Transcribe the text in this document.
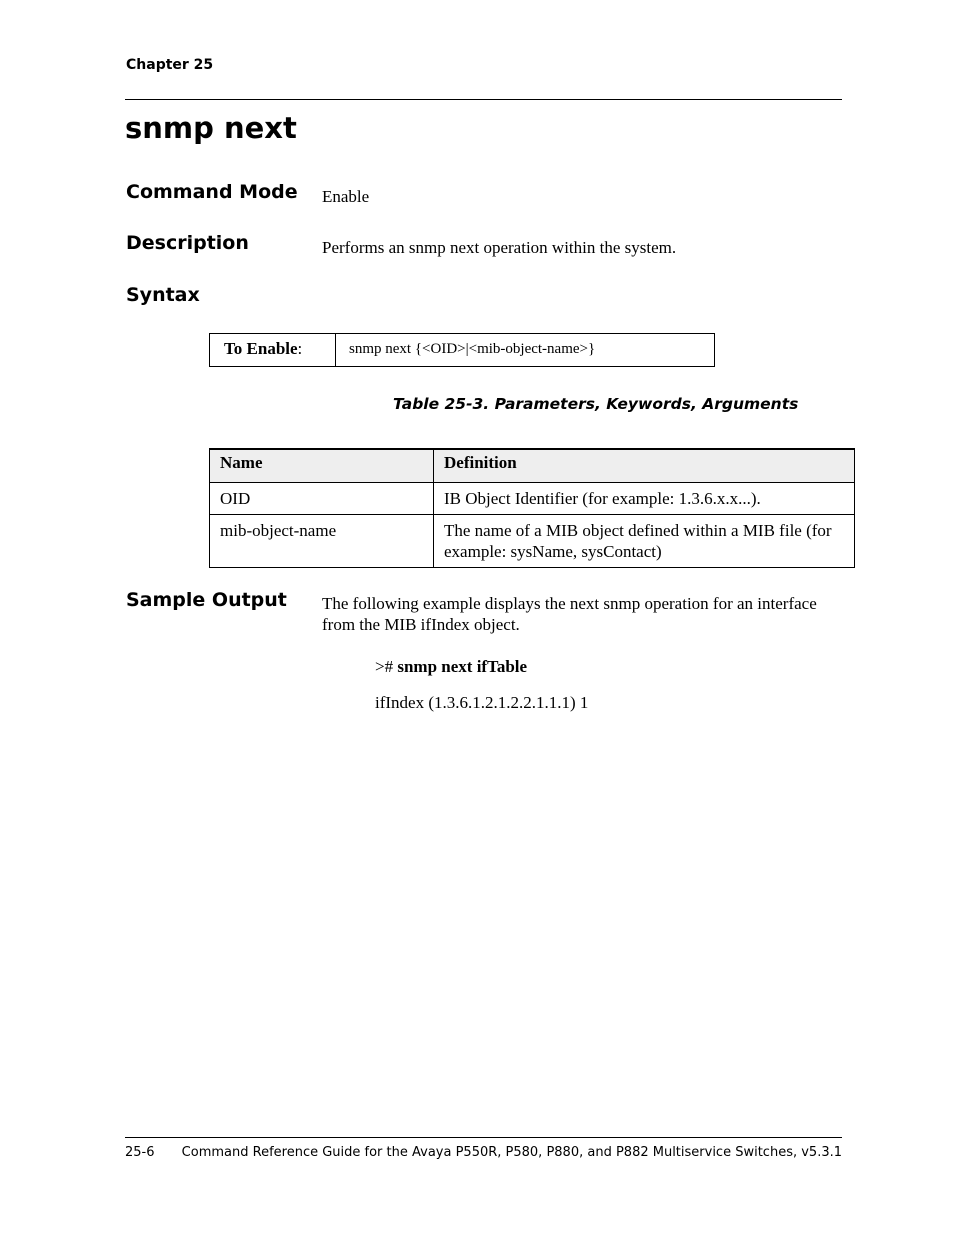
Chapter 25
snmp next
Command Mode Enable
Description	Performs an snmp next operation within the system.
Syntax
To Enable:	snmp next {<OID>|<mib-object-name>}
Table 25-3. Parameters, Keywords, Arguments
Name	Definition
OID	IB Object Identifier (for example: 1.3.6.x.x...).
mib-object-name	The name of a MIB object defined within a MIB file (for example: sysName, sysContact)
Sample Output The following example displays the next snmp operation for an interface from the MIB ifIndex object.
># snmp next ifTable
ifIndex (1.3.6.1.2.1.2.2.1.1.1) 1
25-6 Command Reference Guide for the Avaya P550R, P580, P880, and P882 Multiservice Switches, v5.3.1
